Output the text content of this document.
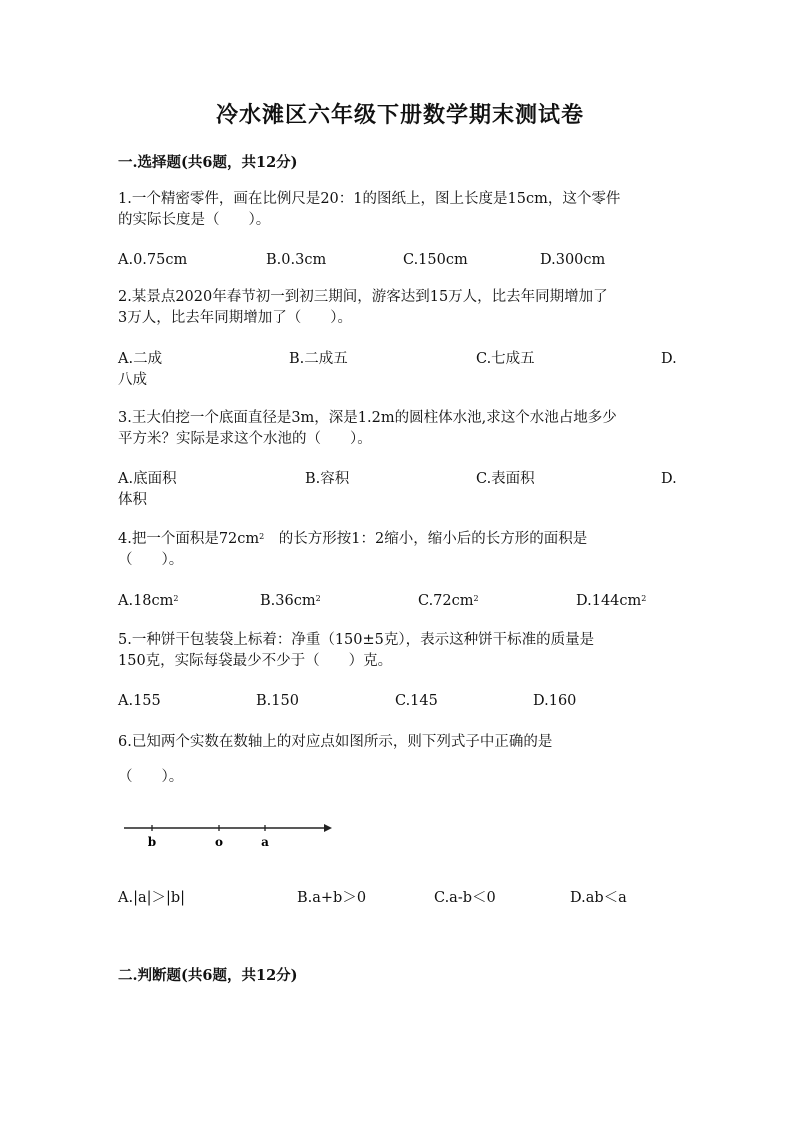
冷水滩区六年级下册数学期末测试卷
一.选择题(共6题，共12分)
1.一个精密零件，画在比例尺是20：1的图纸上，图上长度是15cm，这个零件
的实际长度是（　　）。
A.0.75cm	B.0.3cm	C.150cm	D.300cm
2.某景点2020年春节初一到初三期间，游客达到15万人，比去年同期增加了
3万人，比去年同期增加了（　　）。
A.二成	B.二成五	C.七成五	D.
八成
3.王大伯挖一个底面直径是3m，深是1.2m的圆柱体水池,求这个水池占地多少
平方米？实际是求这个水池的（　　）。
A.底面积	B.容积	C.表面积	D.
体积
4.把一个面积是$72cm^2$　 的长方形按1：2缩小，缩小后的长方形的面积是
（　　）。
$A.18cm^2$	$B.36cm^2$	$C.72cm^2$	$D.144cm^2$
5.一种饼干包装袋上标着：净重（150±5克），表示这种饼干标准的质量是
150克，实际每袋最少不少于（　　）克。
A.155	B.150	C.145	D.160
6.已知两个实数在数轴上的对应点如图所示，则下列式子中正确的是
（　　）。
b	o	a
A.|a|＞|b|	B.a+b＞0	C.a-b＜0	D.ab＜a
二.判断题(共6题，共12分)
